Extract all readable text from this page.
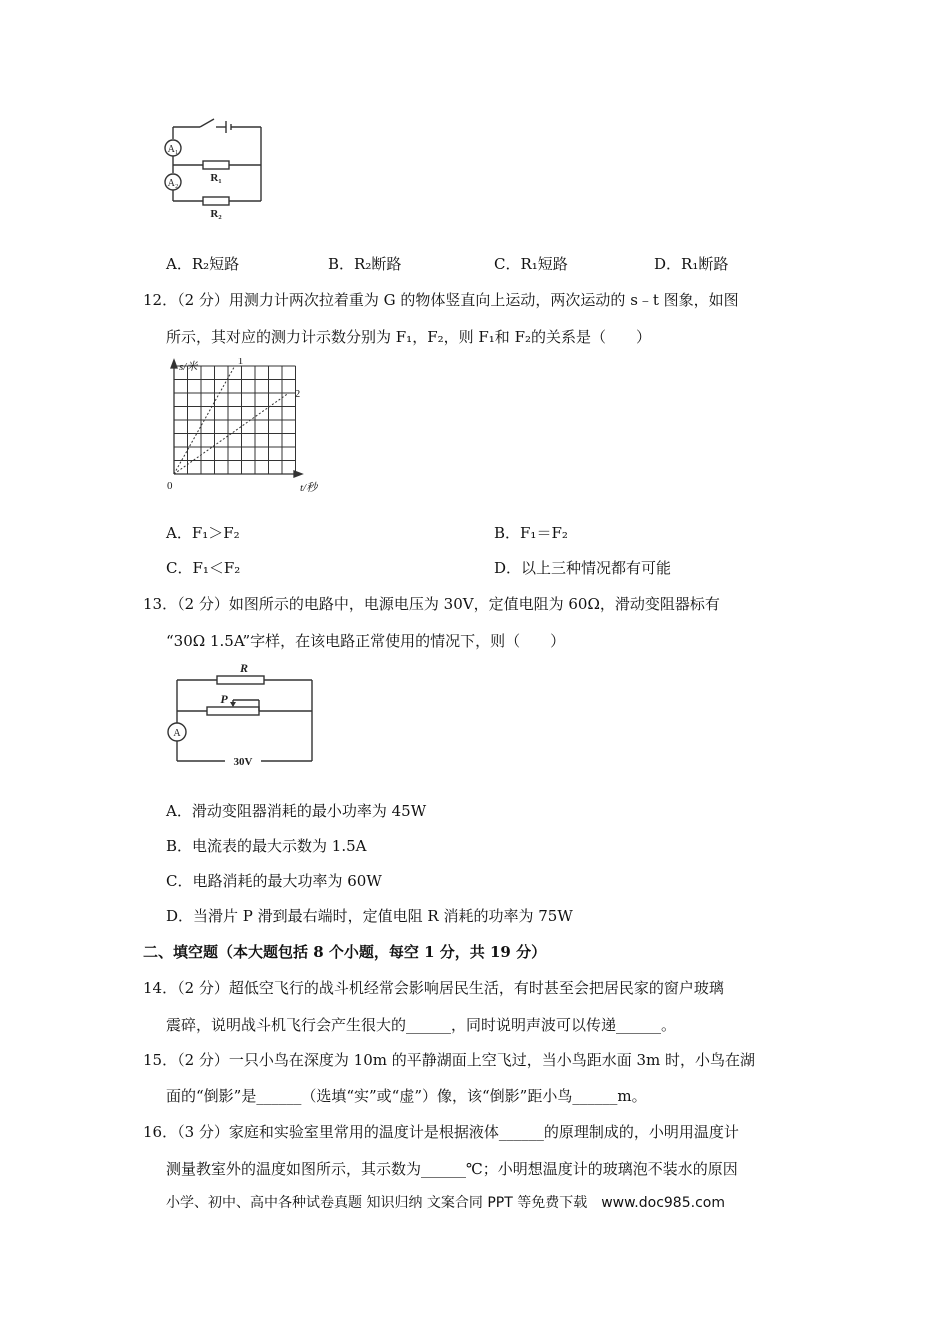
A₁
A₂	R₁
R₂
A．R₂短路	B．R₂断路	C．R₁短路	D．R₁断路
12．（2 分）用测力计两次拉着重为 G 的物体竖直向上运动，两次运动的 s﹣t 图象，如图
所示，其对应的测力计示数分别为 F₁，F₂，则 F₁和 F₂的关系是（　　）
1
2
s/米
t/秒
0
A．F₁＞F₂	B．F₁＝F₂
C．F₁＜F₂	D．以上三种情况都有可能
13．（2 分）如图所示的电路中，电源电压为 30V，定值电阻为 60Ω，滑动变阻器标有
“30Ω 1.5A”字样，在该电路正常使用的情况下，则（　　）
R
P
A
30V
A．滑动变阻器消耗的最小功率为 45W
B．电流表的最大示数为 1.5A
C．电路消耗的最大功率为 60W
D．当滑片 P 滑到最右端时，定值电阻 R 消耗的功率为 75W
二、填空题（本大题包括 8 个小题，每空 1 分，共 19 分）
14．（2 分）超低空飞行的战斗机经常会影响居民生活，有时甚至会把居民家的窗户玻璃
震碎，说明战斗机飞行会产生很大的______，同时说明声波可以传递______。
15．（2 分）一只小鸟在深度为 10m 的平静湖面上空飞过，当小鸟距水面 3m 时，小鸟在湖
面的“倒影”是______（选填“实”或“虚”）像，该“倒影”距小鸟______m。
16．（3 分）家庭和实验室里常用的温度计是根据液体______的原理制成的，小明用温度计
测量教室外的温度如图所示，其示数为______℃；小明想温度计的玻璃泡不装水的原因
小学、初中、高中各种试卷真题 知识归纳 文案合同 PPT 等免费下载　www.doc985.com
